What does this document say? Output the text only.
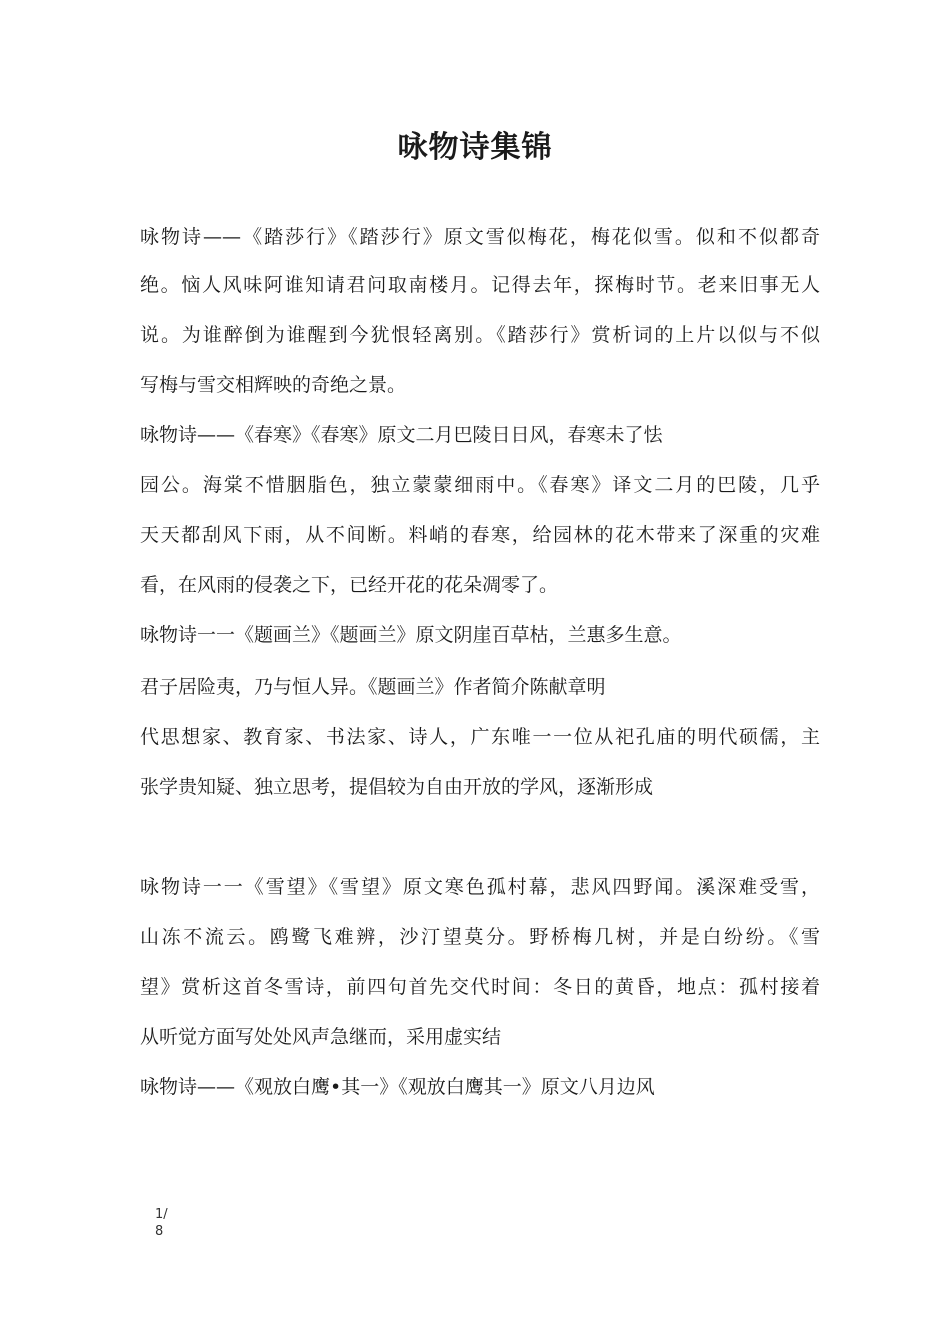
咏物诗集锦

咏物诗——《踏莎行》《踏莎行》原文雪似梅花，梅花似雪。似和不似都奇

绝。恼人风味阿谁知请君问取南楼月。记得去年，探梅时节。老来旧事无人

说。为谁醉倒为谁醒到今犹恨轻离别。《踏莎行》赏析词的上片以似与不似

写梅与雪交相辉映的奇绝之景。

咏物诗——《春寒》《春寒》原文二月巴陵日日风，春寒未了怯

园公。海棠不惜胭脂色，独立蒙蒙细雨中。《春寒》译文二月的巴陵，几乎

天天都刮风下雨，从不间断。料峭的春寒，给园林的花木带来了深重的灾难

看，在风雨的侵袭之下，已经开花的花朵凋零了。

咏物诗一一《题画兰》《题画兰》原文阴崖百草枯，兰惠多生意。

君子居险夷，乃与恒人异。《题画兰》作者简介陈献章明

代思想家、教育家、书法家、诗人，广东唯一一位从祀孔庙的明代硕儒，主

张学贵知疑、独立思考，提倡较为自由开放的学风，逐渐形成

咏物诗一一《雪望》《雪望》原文寒色孤村幕，悲风四野闻。溪深难受雪，

山冻不流云。鸥鹭飞难辨，沙汀望莫分。野桥梅几树，并是白纷纷。《雪

望》赏析这首冬雪诗，前四句首先交代时间：冬日的黄昏，地点：孤村接着

从听觉方面写处处风声急继而，采用虚实结

咏物诗——《观放白鹰•其一》《观放白鹰其一》原文八月边风

1/
8
